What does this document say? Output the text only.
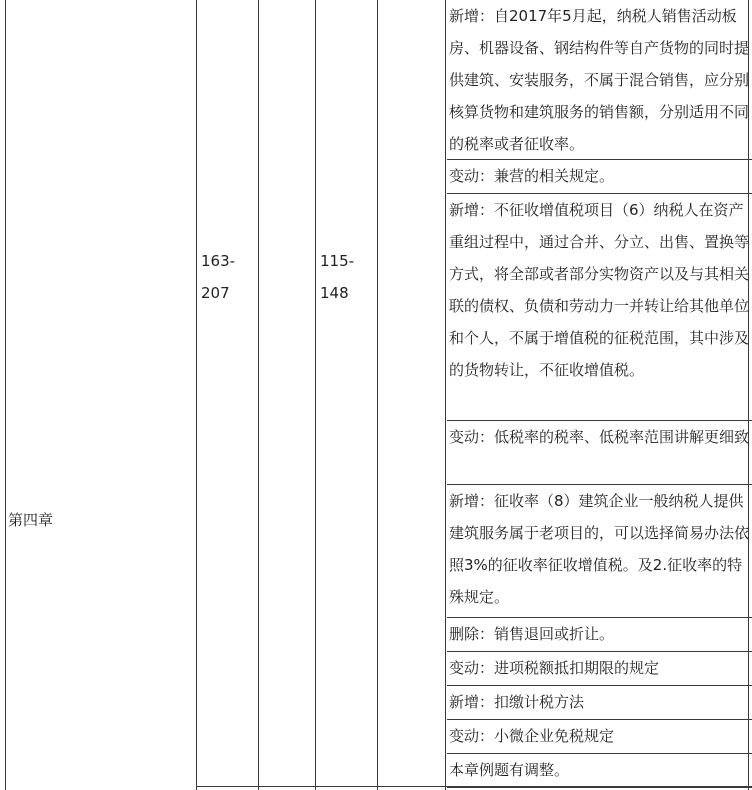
第四章
163-
207
115-
148
新增：自2017年5月起，纳税人销售活动板房、机器设备、钢结构件等自产货物的同时提供建筑、安装服务，不属于混合销售，应分别核算货物和建筑服务的销售额，分别适用不同的税率或者征收率。
变动：兼营的相关规定。
新增：不征收增值税项目（6）纳税人在资产重组过程中，通过合并、分立、出售、置换等方式，将全部或者部分实物资产以及与其相关联的债权、负债和劳动力一并转让给其他单位和个人，不属于增值税的征税范围，其中涉及的货物转让，不征收增值税。
变动：低税率的税率、低税率范围讲解更细致
新增：征收率（8）建筑企业一般纳税人提供建筑服务属于老项目的，可以选择简易办法依照3%的征收率征收增值税。及2.征收率的特殊规定。
删除：销售退回或折让。
变动：进项税额抵扣期限的规定
新增：扣缴计税方法
变动：小微企业免税规定
本章例题有调整。
